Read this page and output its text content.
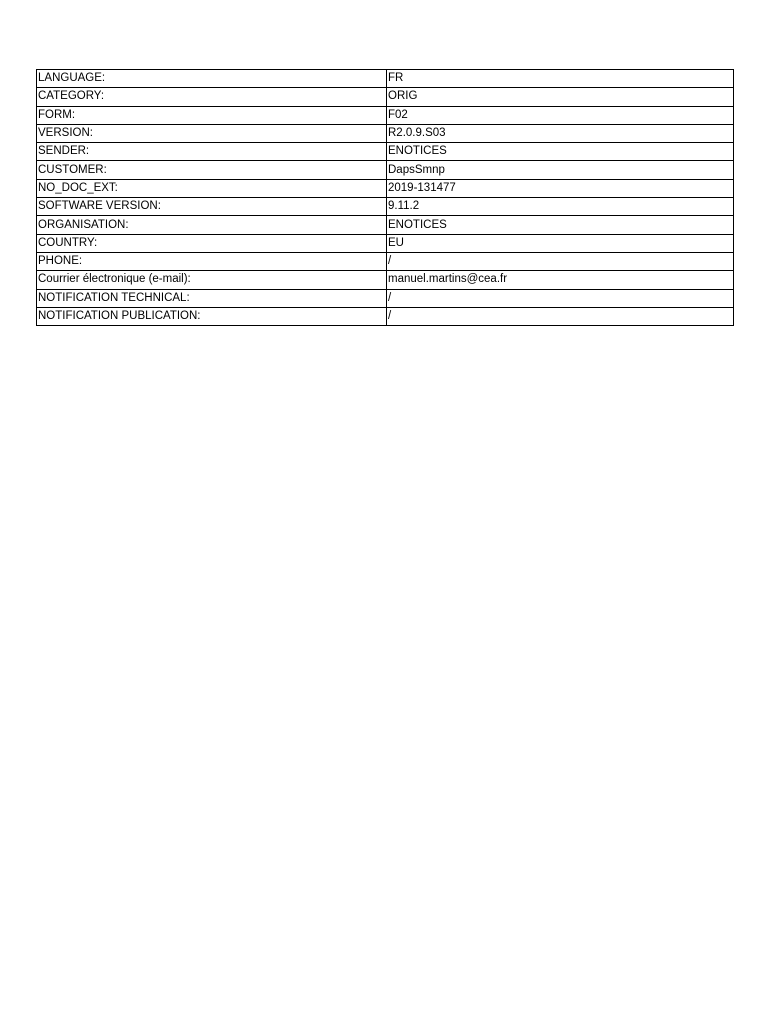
LANGUAGE:	FR
CATEGORY:	ORIG
FORM:	F02
VERSION:	R2.0.9.S03
SENDER:	ENOTICES
CUSTOMER:	DapsSmnp
NO_DOC_EXT:	2019-131477
SOFTWARE VERSION:	9.11.2
ORGANISATION:	ENOTICES
COUNTRY:	EU
PHONE:	/
Courrier électronique (e-mail):	manuel.martins@cea.fr
NOTIFICATION TECHNICAL:	/
NOTIFICATION PUBLICATION:	/
